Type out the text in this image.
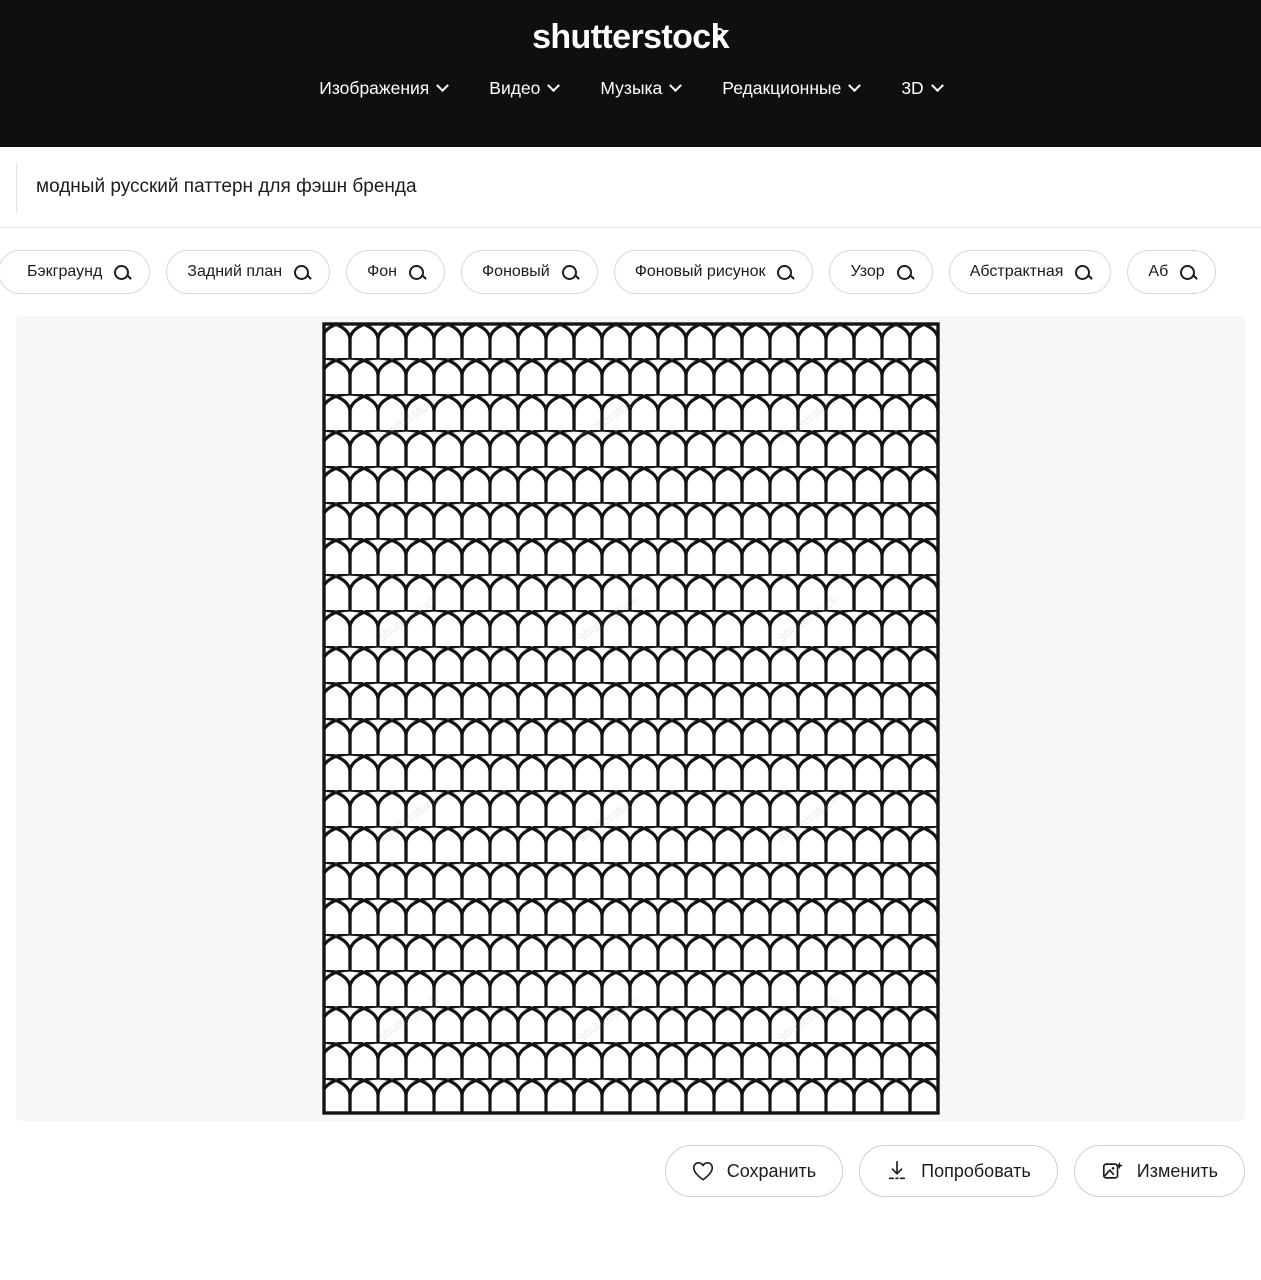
shutterstock
Изображения	Видео	Музыка	Редакционные	3D
модный русский паттерн для фэшн бренда
Бэкграунд	Задний план	Фон	Фоновый	Фоновый рисунок	Узор	Абстрактная	Аб
Сохранить	Попробовать	Изменить
